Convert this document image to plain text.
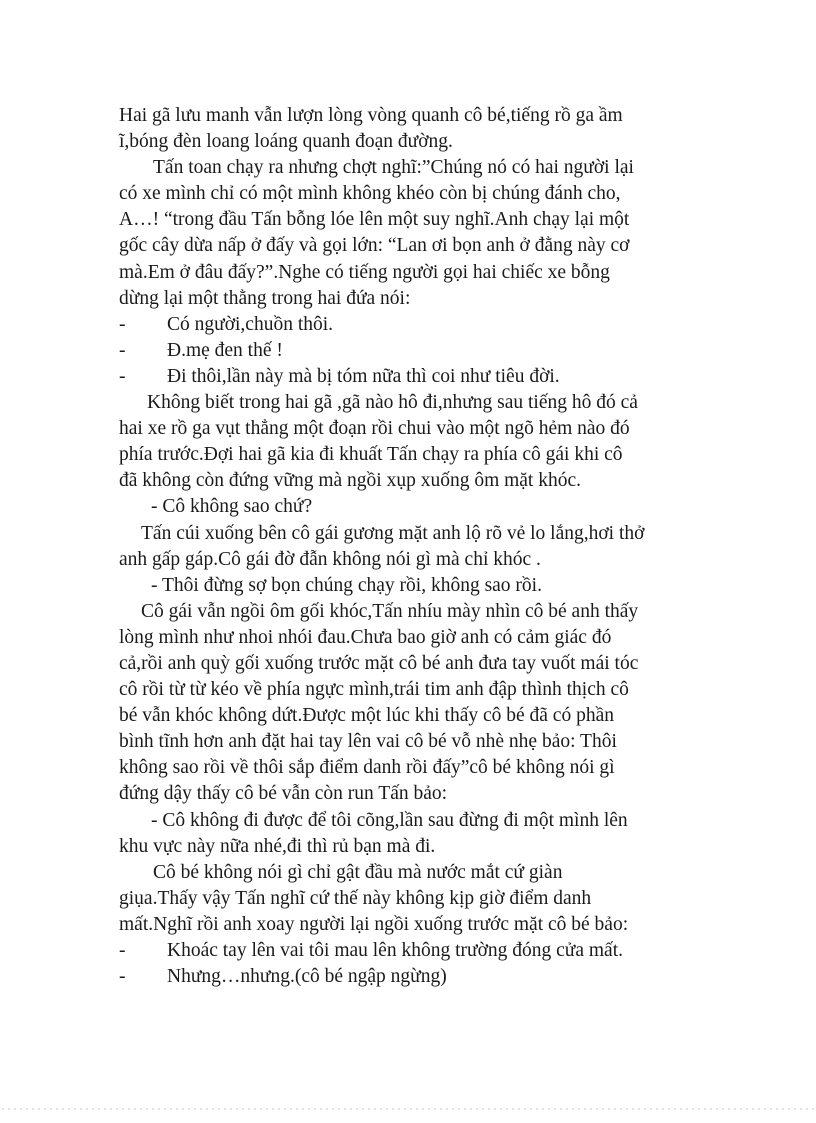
Hai gã lưu manh vẫn lượn lòng vòng quanh cô bé,tiếng rồ ga ầm
ĩ,bóng đèn loang loáng quanh đoạn đường.
Tấn toan chạy ra nhưng chợt nghĩ:”Chúng nó có hai người lại
có xe mình chỉ có một mình không khéo còn bị chúng đánh cho,
A…! “trong đầu Tấn bỗng lóe lên một suy nghĩ.Anh chạy lại một
gốc cây dừa nấp ở đấy và gọi lớn: “Lan ơi bọn anh ở đằng này cơ
mà.Em ở đâu đấy?”.Nghe có tiếng người gọi hai chiếc xe bỗng
dừng lại một thằng trong hai đứa nói:
- Có người,chuồn thôi.
- Đ.mẹ đen thế !
- Đi thôi,lần này mà bị tóm nữa thì coi như tiêu đời.
Không biết trong hai gã ,gã nào hô đi,nhưng sau tiếng hô đó cả
hai xe rồ ga vụt thẳng một đoạn rồi chui vào một ngõ hẻm nào đó
phía trước.Đợi hai gã kia đi khuất Tấn chạy ra phía cô gái khi cô
đã không còn đứng vững mà ngồi xụp xuống ôm mặt khóc.
- Cô không sao chứ?
Tấn cúi xuống bên cô gái gương mặt anh lộ rõ vẻ lo lắng,hơi thở
anh gấp gáp.Cô gái đờ đẫn không nói gì mà chỉ khóc .
- Thôi đừng sợ bọn chúng chạy rồi, không sao rồi.
Cô gái vẫn ngồi ôm gối khóc,Tấn nhíu mày nhìn cô bé anh thấy
lòng mình như nhoi nhói đau.Chưa bao giờ anh có cảm giác đó
cả,rồi anh quỳ gối xuống trước mặt cô bé anh đưa tay vuốt mái tóc
cô rồi từ từ kéo về phía ngực mình,trái tim anh đập thình thịch cô
bé vẫn khóc không dứt.Được một lúc khi thấy cô bé đã có phần
bình tĩnh hơn anh đặt hai tay lên vai cô bé vỗ nhè nhẹ bảo: Thôi
không sao rồi về thôi sắp điểm danh rồi đấy”cô bé không nói gì
đứng dậy thấy cô bé vẫn còn run Tấn bảo:
- Cô không đi được để tôi cõng,lần sau đừng đi một mình lên
khu vực này nữa nhé,đi thì rủ bạn mà đi.
Cô bé không nói gì chỉ gật đầu mà nước mắt cứ giàn
giụa.Thấy vậy Tấn nghĩ cứ thế này không kịp giờ điểm danh
mất.Nghĩ rồi anh xoay người lại ngồi xuống trước mặt cô bé bảo:
- Khoác tay lên vai tôi mau lên không trường đóng cửa mất.
- Nhưng…nhưng.(cô bé ngập ngừng)
